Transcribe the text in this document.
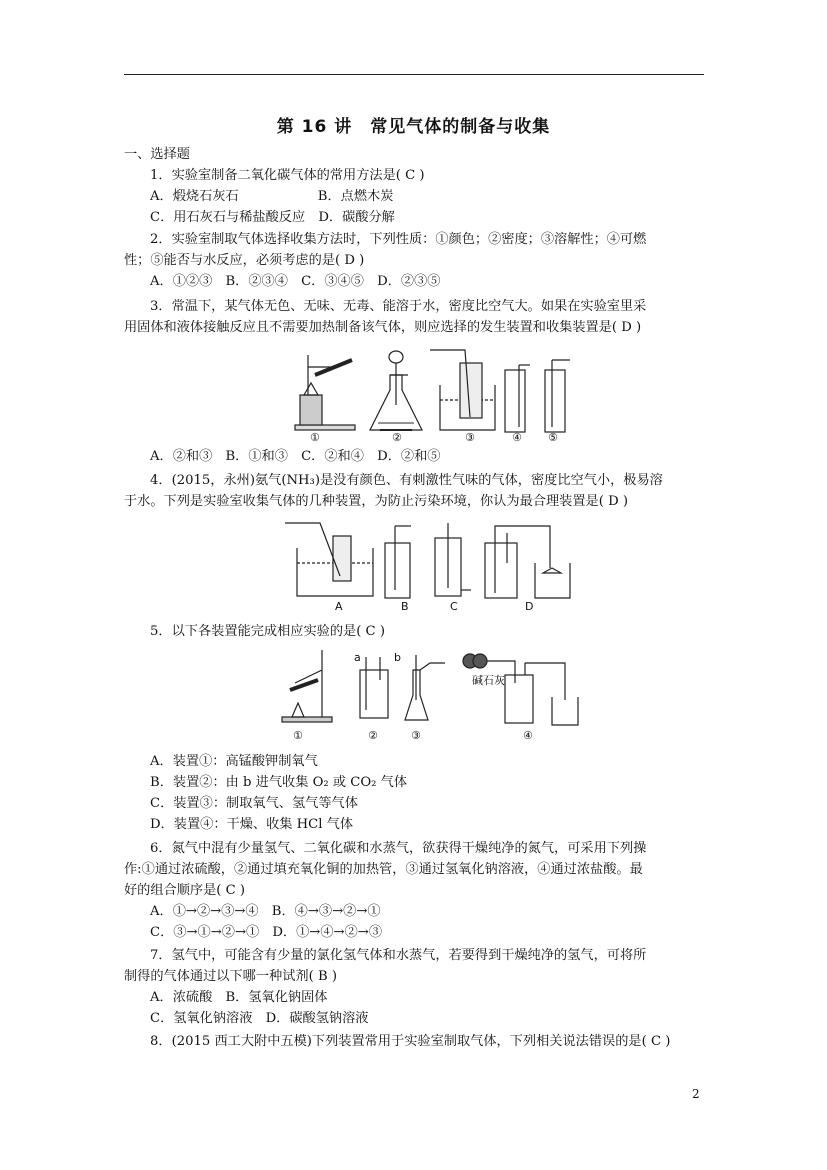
第 16 讲　常见气体的制备与收集
一、选择题
1．实验室制备二氧化碳气体的常用方法是( C )
A．煅烧石灰石　　　　　　B．点燃木炭
C．用石灰石与稀盐酸反应　D．碳酸分解
2．实验室制取气体选择收集方法时，下列性质：①颜色；②密度；③溶解性；④可燃
性；⑤能否与水反应，必须考虑的是( D )
A．①②③　B．②③④　C．③④⑤　D．②③⑤
3．常温下，某气体无色、无味、无毒、能溶于水，密度比空气大。如果在实验室里采
用固体和液体接触反应且不需要加热制备该气体，则应选择的发生装置和收集装置是( D )
①	②	③	④ ⑤
A．②和③　B．①和③　C．②和④　D．②和⑤
4．(2015，永州)氨气(NH₃)是没有颜色、有刺激性气味的气体，密度比空气小，极易溶
于水。下列是实验室收集气体的几种装置，为防止污染环境，你认为最合理装置是( D )
A	B	C	D
5．以下各装置能完成相应实验的是( C )
a	b
碱石灰
①	②	③	④
A．装置①：高锰酸钾制氧气
B．装置②：由 b 进气收集 O₂ 或 CO₂ 气体
C．装置③：制取氧气、氢气等气体
D．装置④：干燥、收集 HCl 气体
6．氮气中混有少量氢气、二氧化碳和水蒸气，欲获得干燥纯净的氮气，可采用下列操
作:①通过浓硫酸，②通过填充氧化铜的加热管，③通过氢氧化钠溶液，④通过浓盐酸。最
好的组合顺序是( C )
A．①→②→③→④　B．④→③→②→①
C．③→①→②→①　D．①→④→②→③
7．氢气中，可能含有少量的氯化氢气体和水蒸气，若要得到干燥纯净的氢气，可将所
制得的气体通过以下哪一种试剂( B )
A．浓硫酸　B．氢氧化钠固体
C．氢氧化钠溶液　D．碳酸氢钠溶液
8．(2015 西工大附中五模)下列装置常用于实验室制取气体，下列相关说法错误的是( C )
2
